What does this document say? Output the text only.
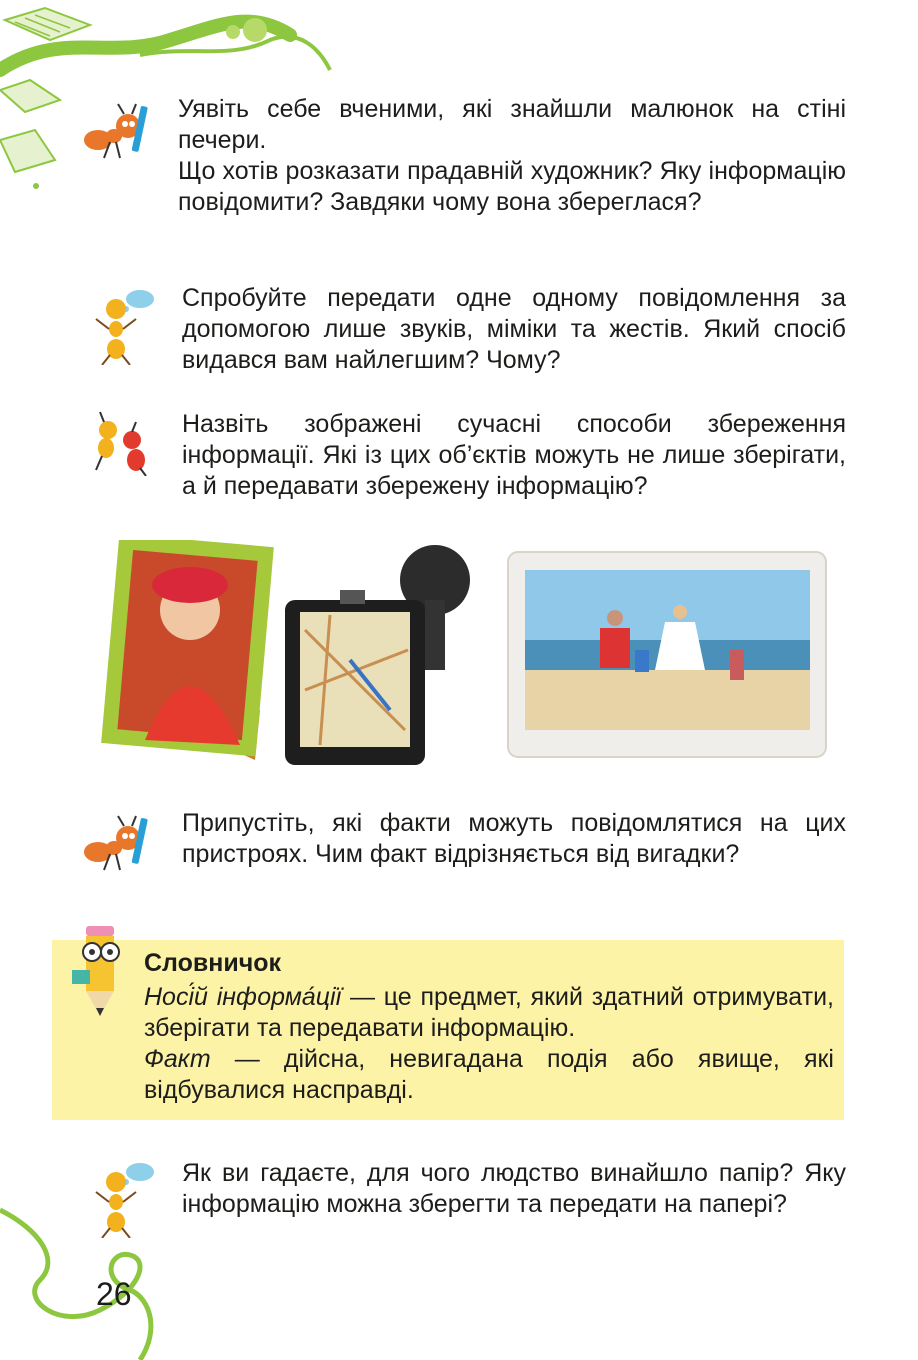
Уявіть себе вченими, які знайшли малюнок на стіні печери.

Що хотів розказати прадавній художник? Яку інформацію повідомити? Завдяки чому вона збереглася?

Спробуйте передати одне одному повідомлення за допомогою лише звуків, міміки та жестів. Який спосіб видався вам найлегшим? Чому?

Назвіть зображені сучасні способи збереження інформації. Які із цих об’єктів можуть не лише зберігати, а й передавати збережену інформацію?

Припустіть, які факти можуть повідомлятися на цих пристроях. Чим факт відрізняється від вигадки?

Словничок

Носі́й інформа́ції — це предмет, який здатний отримувати, зберігати та передавати інформацію.

Факт — дійсна, невигадана подія або явище, які відбувалися насправді.

Як ви гадаєте, для чого людство винайшло папір? Яку інформацію можна зберегти та передати на папері?

26
